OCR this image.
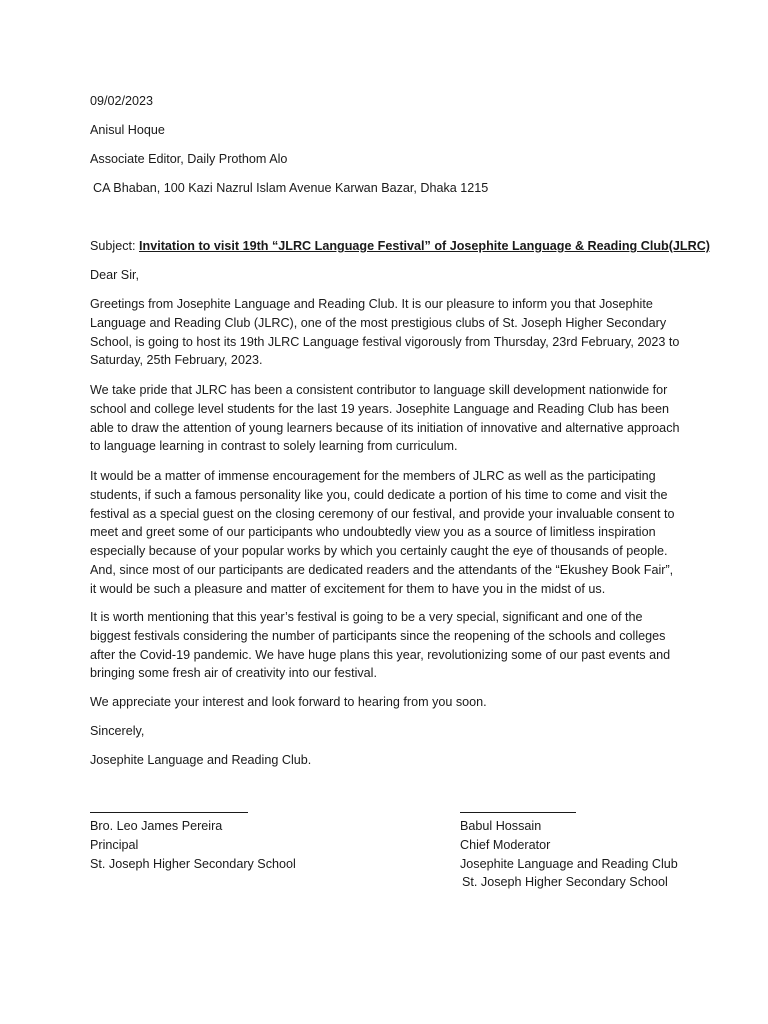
09/02/2023
Anisul Hoque
Associate Editor, Daily Prothom Alo
CA Bhaban, 100 Kazi Nazrul Islam Avenue Karwan Bazar, Dhaka 1215
Subject: Invitation to visit 19th “JLRC Language Festival” of Josephite Language & Reading Club(JLRC)
Dear Sir,
Greetings from Josephite Language and Reading Club. It is our pleasure to inform you that Josephite Language and Reading Club (JLRC), one of the most prestigious clubs of St. Joseph Higher Secondary School, is going to host its 19th JLRC Language festival vigorously from Thursday, 23rd February, 2023 to Saturday, 25th February, 2023.
We take pride that JLRC has been a consistent contributor to language skill development nationwide for school and college level students for the last 19 years. Josephite Language and Reading Club has been able to draw the attention of young learners because of its initiation of innovative and alternative approach to language learning in contrast to solely learning from curriculum.
It would be a matter of immense encouragement for the members of JLRC as well as the participating students, if such a famous personality like you, could dedicate a portion of his time to come and visit the festival as a special guest on the closing ceremony of our festival, and provide your invaluable consent to meet and greet some of our participants who undoubtedly view you as a source of limitless inspiration especially because of your popular works by which you certainly caught the eye of thousands of people. And, since most of our participants are dedicated readers and the attendants of the “Ekushey Book Fair”, it would be such a pleasure and matter of excitement for them to have you in the midst of us.
It is worth mentioning that this year’s festival is going to be a very special, significant and one of the biggest festivals considering the number of participants since the reopening of the schools and colleges after the Covid-19 pandemic. We have huge plans this year, revolutionizing some of our past events and bringing some fresh air of creativity into our festival.
We appreciate your interest and look forward to hearing from you soon.
Sincerely,
Josephite Language and Reading Club.
Bro. Leo James Pereira
Principal
St. Joseph Higher Secondary School
Babul Hossain
Chief Moderator
Josephite Language and Reading Club
St. Joseph Higher Secondary School
